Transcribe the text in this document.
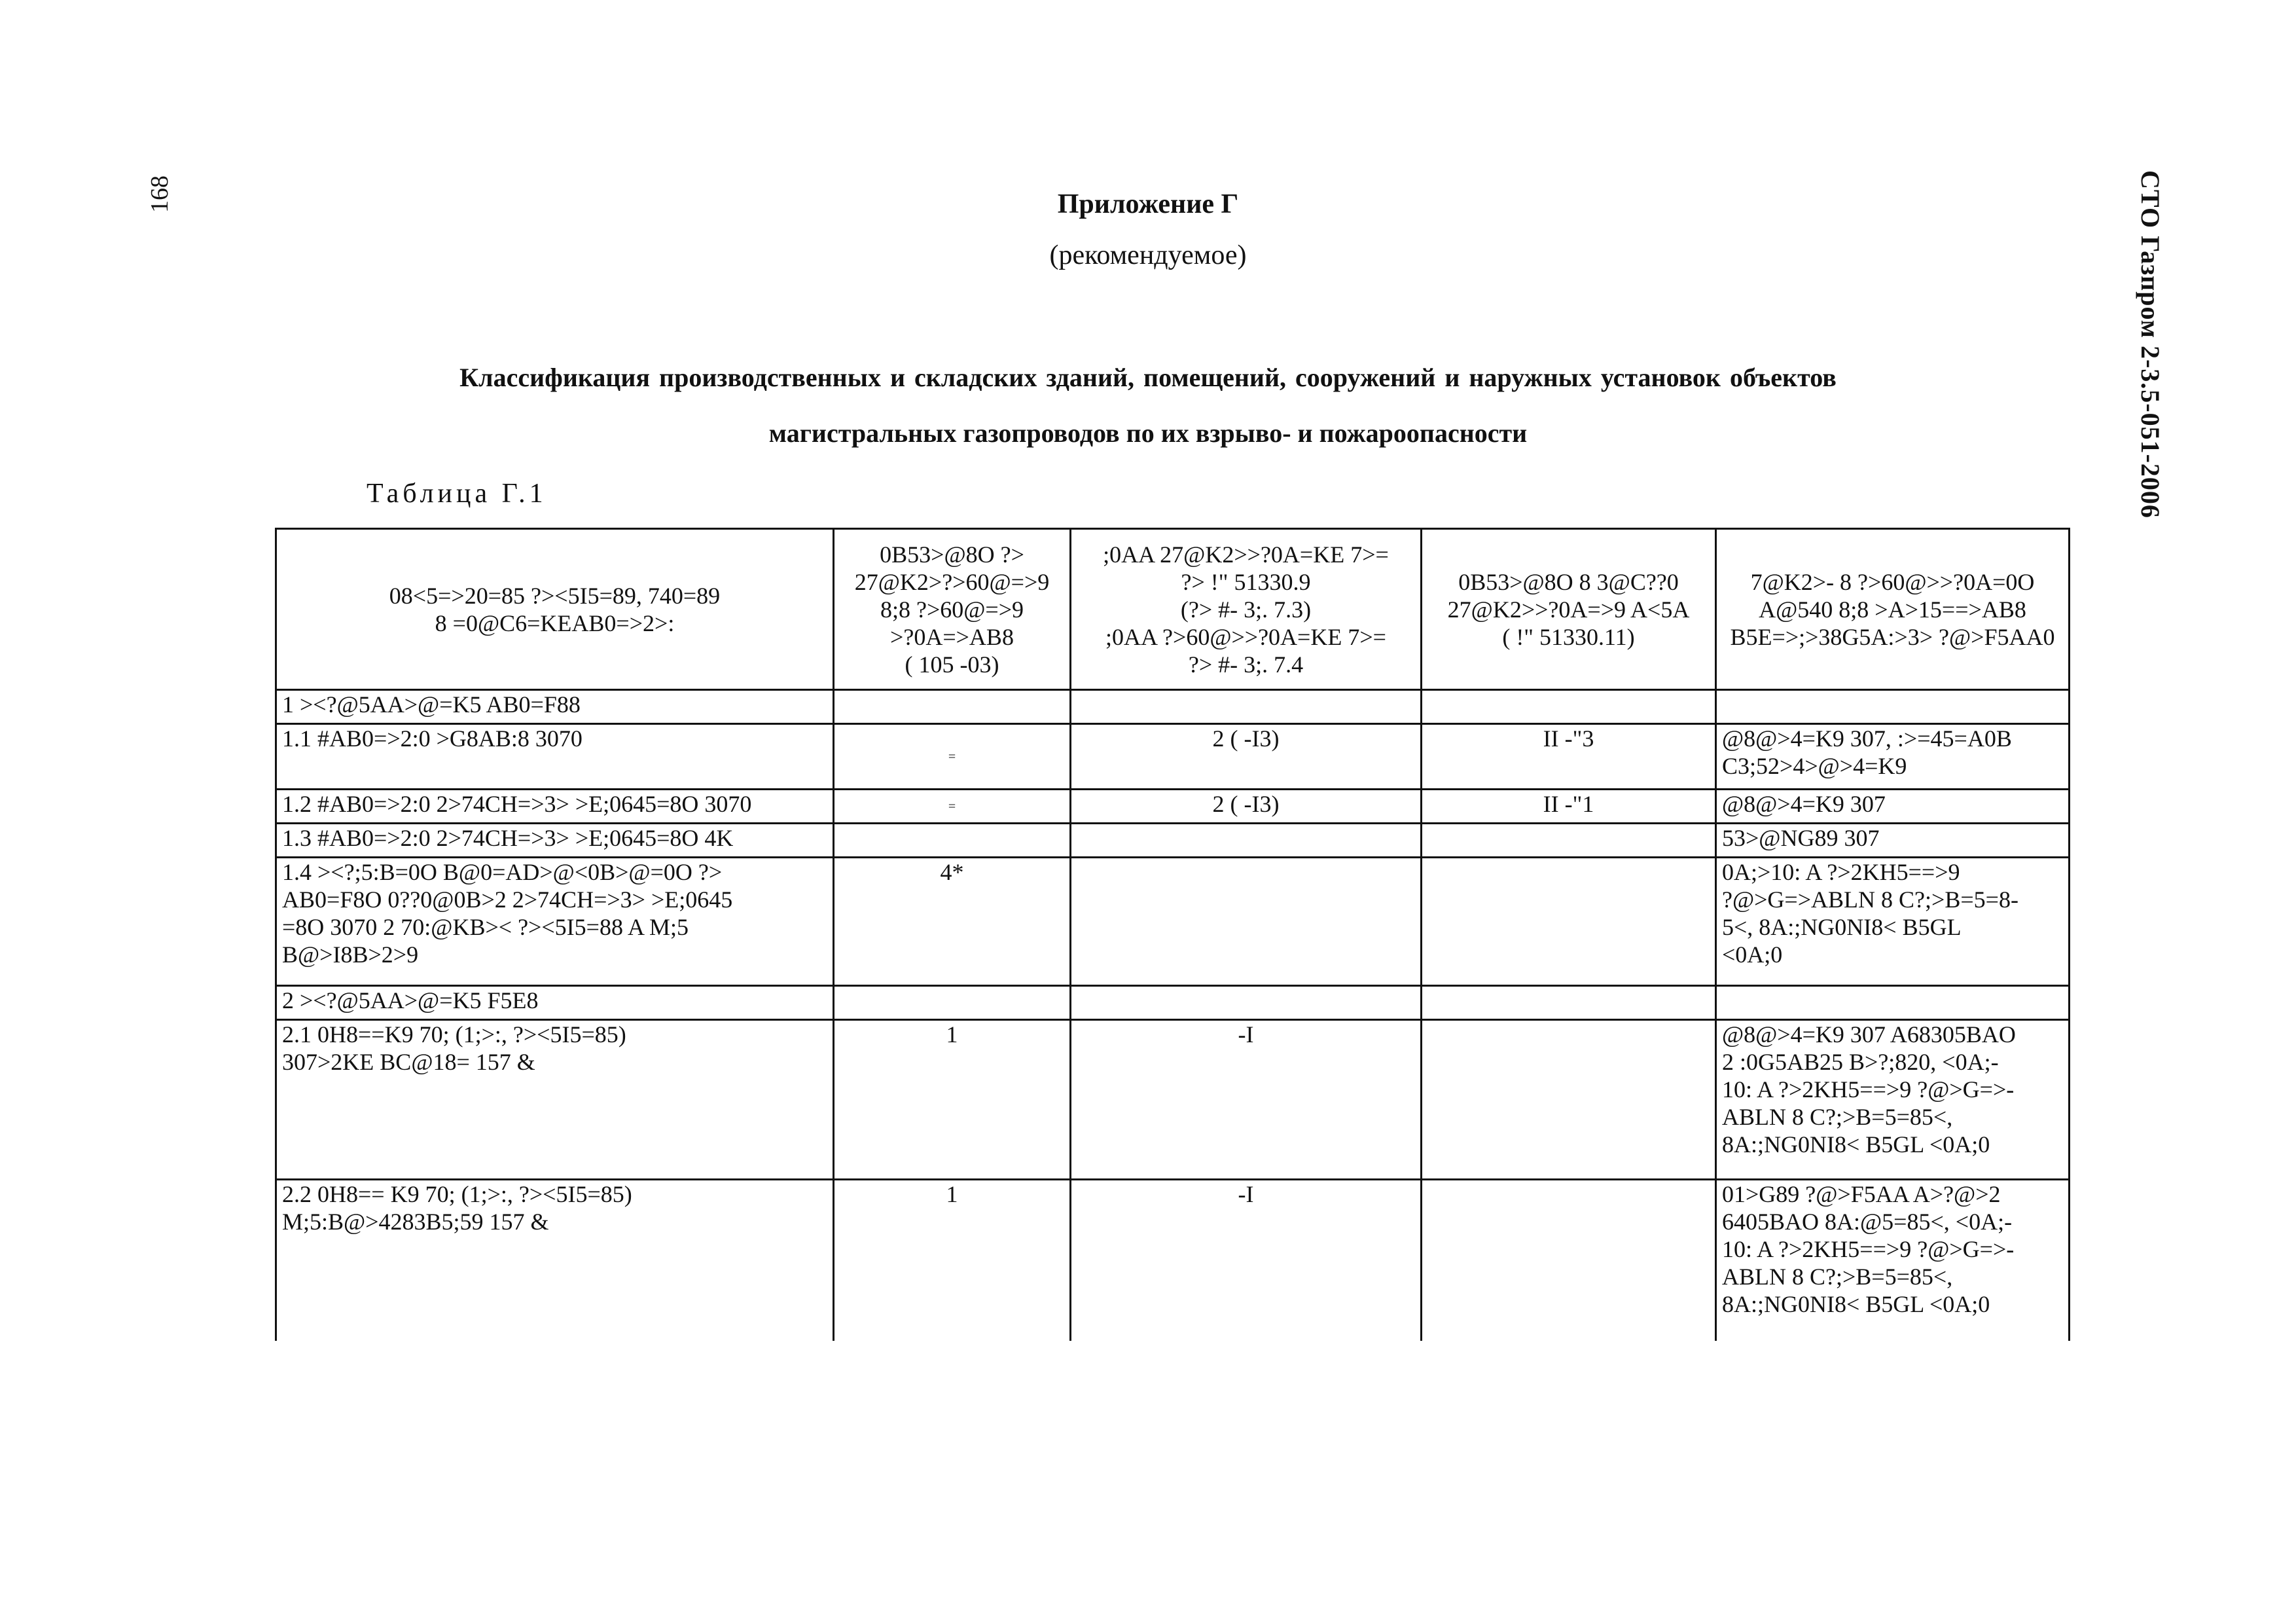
168	СТО Газпром 2-3.5-051-2006
Приложение Г
(рекомендуемое)
Классификация производственных и складских зданий, помещений, сооружений и наружных установок объектов
магистральных газопроводов по их взрыво- и пожароопасности
Таблица Г.1
08<5=>20=85 ?><5I5=89, 740=89
8 =0@C6=KEAB0=>2>:	0B53>@8O ?>
27@K2>?>60@=>9
8;8 ?>60@=>9
>?0A=>AB8
( 105 -03)	;0AA 27@K2>>?0A=KE 7>=
?> !" 51330.9
(?> #- 3;. 7.3)
;0AA ?>60@>>?0A=KE 7>=
?> #- 3;. 7.4	0B53>@8O 8 3@C??0
27@K2>>?0A=>9 A<5A
( !" 51330.11)	7@K2>- 8 ?>60@>>?0A=0O
A@540 8;8 >A>15==>AB8
B5E=>;>38G5A:>3> ?@>F5AA0
1 ><?@5AA>@=K5 AB0=F88				
1.1 #AB0=>2:0 >G8AB:8 3070	=	2 ( -I3)	II -"3	@8@>4=K9 307, :>=45=A0B
C3;52>4>@>4=K9
1.2 #AB0=>2:0 2>74CH=>3> >E;0645=8O 3070	=	2 ( -I3)	II -"1	@8@>4=K9 307
1.3 #AB0=>2:0 2>74CH=>3> >E;0645=8O 4K				53>@NG89 307
1.4 ><?;5:B=0O B@0=AD>@<0B>@=0O ?>
AB0=F8O 0??0@0B>2 2>74CH=>3> >E;0645
=8O 3070 2 70:@KB>< ?><5I5=88 A M;5
B@>I8B>2>9	4*			0A;>10: A ?>2KH5==>9
?@>G=>ABLN 8 C?;>B=5=8-
5<, 8A:;NG0NI8< B5GL
<0A;0
2 ><?@5AA>@=K5 F5E8				
2.1 0H8==K9 70; (1;>:, ?><5I5=85)
307>2KE BC@18= 157 &	1	-I		@8@>4=K9 307 A68305BAO
2 :0G5AB25 B>?;820, <0A;-
10: A ?>2KH5==>9 ?@>G=>-
ABLN 8 C?;>B=5=85<,
8A:;NG0NI8< B5GL <0A;0
2.2 0H8== K9 70; (1;>:, ?><5I5=85)
M;5:B@>4283B5;59 157 &	1	-I		01>G89 ?@>F5AA A>?@>2
6405BAO 8A:@5=85<, <0A;-
10: A ?>2KH5==>9 ?@>G=>-
ABLN 8 C?;>B=5=85<,
8A:;NG0NI8< B5GL <0A;0
